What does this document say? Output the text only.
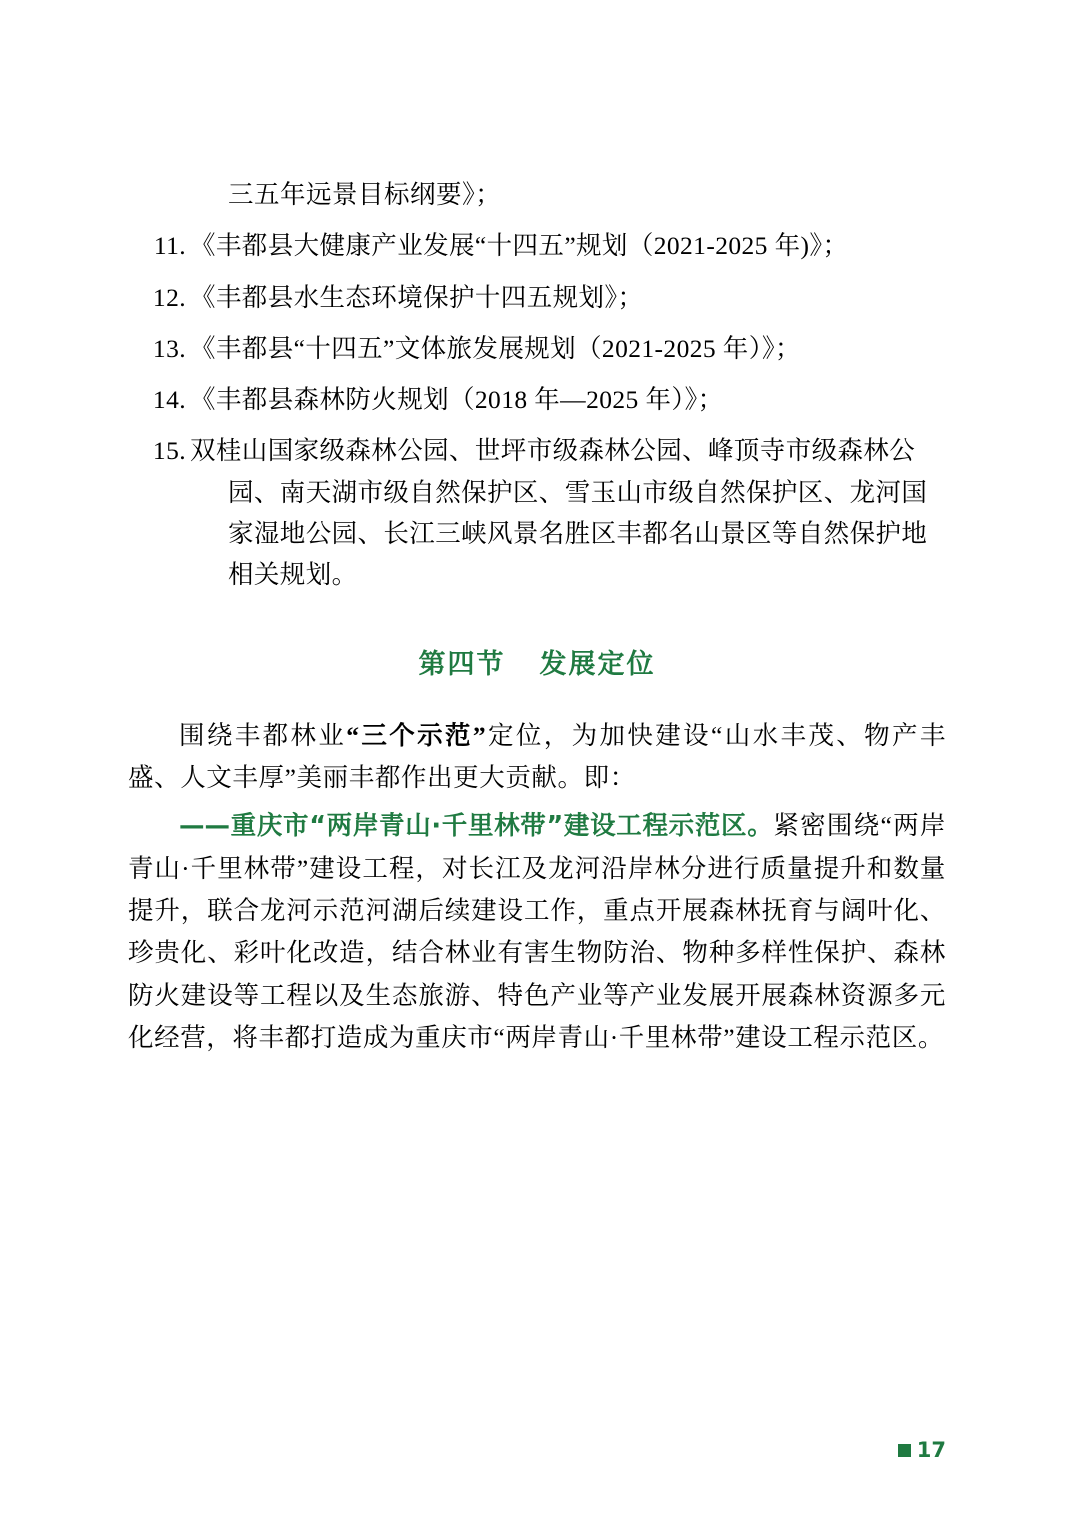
三五年远景目标纲要》；

11. 《丰都县大健康产业发展“十四五”规划（2021-2025 年)》；
12. 《丰都县水生态环境保护十四五规划》；
13. 《丰都县“十四五”文体旅发展规划（2021-2025 年）》；
14. 《丰都县森林防火规划（2018 年—2025 年）》；
15. 双桂山国家级森林公园、世坪市级森林公园、峰顶寺市级森林公园、南天湖市级自然保护区、雪玉山市级自然保护区、龙河国家湿地公园、长江三峡风景名胜区丰都名山景区等自然保护地相关规划。
第四节 发展定位

围绕丰都林业“三个示范”定位，为加快建设“山水丰茂、物产丰盛、人文丰厚”美丽丰都作出更大贡献。即：

——重庆市“两岸青山·千里林带”建设工程示范区。紧密围绕“两岸青山·千里林带”建设工程，对长江及龙河沿岸林分进行质量提升和数量提升，联合龙河示范河湖后续建设工作，重点开展森林抚育与阔叶化、珍贵化、彩叶化改造，结合林业有害生物防治、物种多样性保护、森林防火建设等工程以及生态旅游、特色产业等产业发展开展森林资源多元化经营，将丰都打造成为重庆市“两岸青山·千里林带”建设工程示范区。

17
